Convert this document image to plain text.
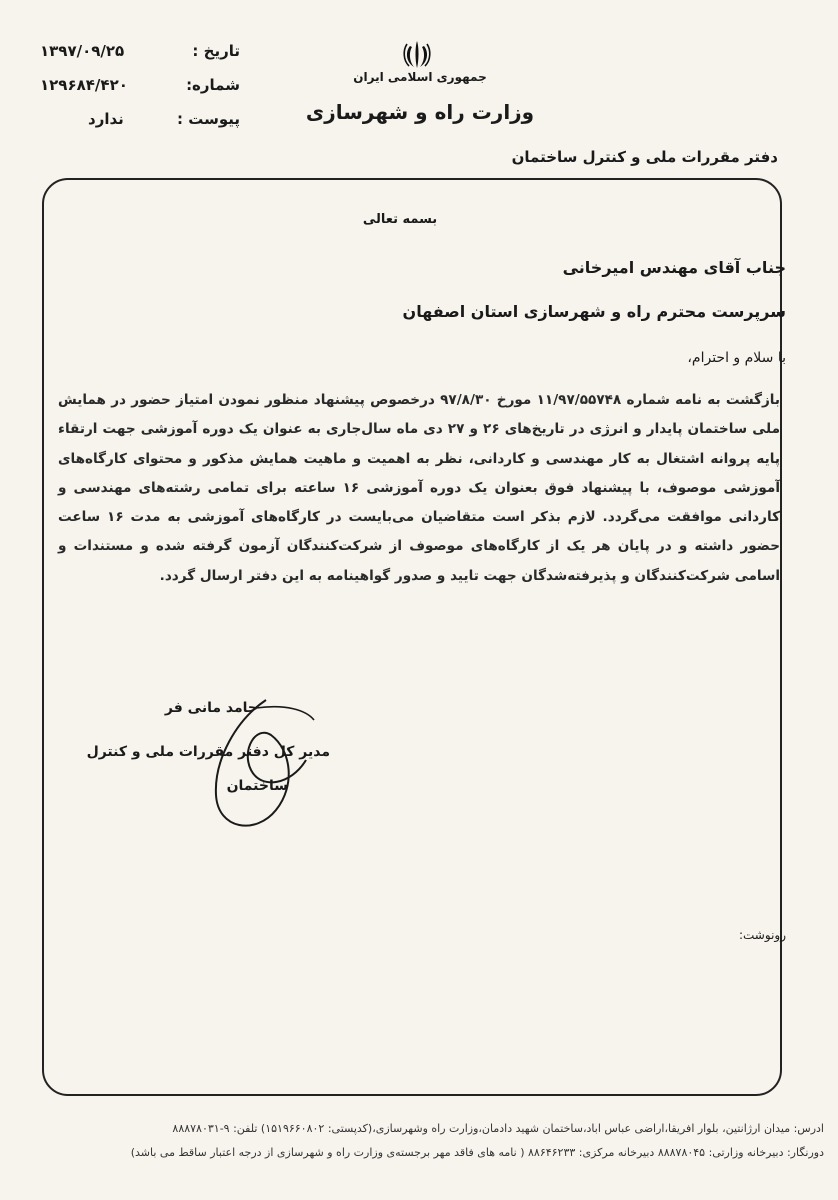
تاریخ :
۱۳۹۷/۰۹/۲۵
شماره:
۱۲۹۶۸۴/۴۲۰
پیوست :
ندارد
جمهوری اسلامی ایران
وزارت راه و شهرسازی
دفتر مقررات ملی و کنترل ساختمان
بسمه تعالی
جناب آقای مهندس امیرخانی
سرپرست محترم راه و شهرسازی استان اصفهان
با سلام و احترام،
بازگشت به نامه شماره ۱۱/۹۷/۵۵۷۴۸ مورخ ۹۷/۸/۳۰ درخصوص پیشنهاد منظور نمودن امتیاز حضور در همایش ملی ساختمان پایدار و انرژی در تاریخ‌های ۲۶ و ۲۷ دی ماه سال‌جاری به عنوان یک دوره آموزشی جهت ارتقاء پایه پروانه اشتغال به کار مهندسی و کاردانی، نظر به اهمیت و ماهیت همایش مذکور و محتوای کارگاه‌های آموزشی موصوف، با پیشنهاد فوق بعنوان یک دوره آموزشی ۱۶ ساعته برای تمامی رشته‌های مهندسی و کاردانی موافقت می‌گردد. لازم بذکر است متقاضیان می‌بایست در کارگاه‌های آموزشی به مدت ۱۶ ساعت حضور داشته و در پایان هر یک از کارگاه‌های موصوف از شرکت‌کنندگان آزمون گرفته شده و مستندات و اسامی شرکت‌کنندگان و پذیرفته‌شدگان جهت تایید و صدور گواهینامه به این دفتر ارسال گردد.
حامد مانی فر
مدیر کل دفتر مقررات ملی و کنترل
ساختمان
رونوشت:
ادرس: میدان ارژانتین، بلوار افریقا،اراضی عباس اباد،ساختمان شهید دادمان،وزارت راه وشهرسازی،(کدپستی: ۱۵۱۹۶۶۰۸۰۲) تلفن: ۹-۸۸۸۷۸۰۳۱
دورنگار: دبیرخانه وزارتی: ۸۸۸۷۸۰۴۵ دبیرخانه مرکزی: ۸۸۶۴۶۲۳۳ ( نامه های فاقد مهر برجسته‌ی وزارت راه و شهرسازی از درجه اعتبار ساقط می باشد)
